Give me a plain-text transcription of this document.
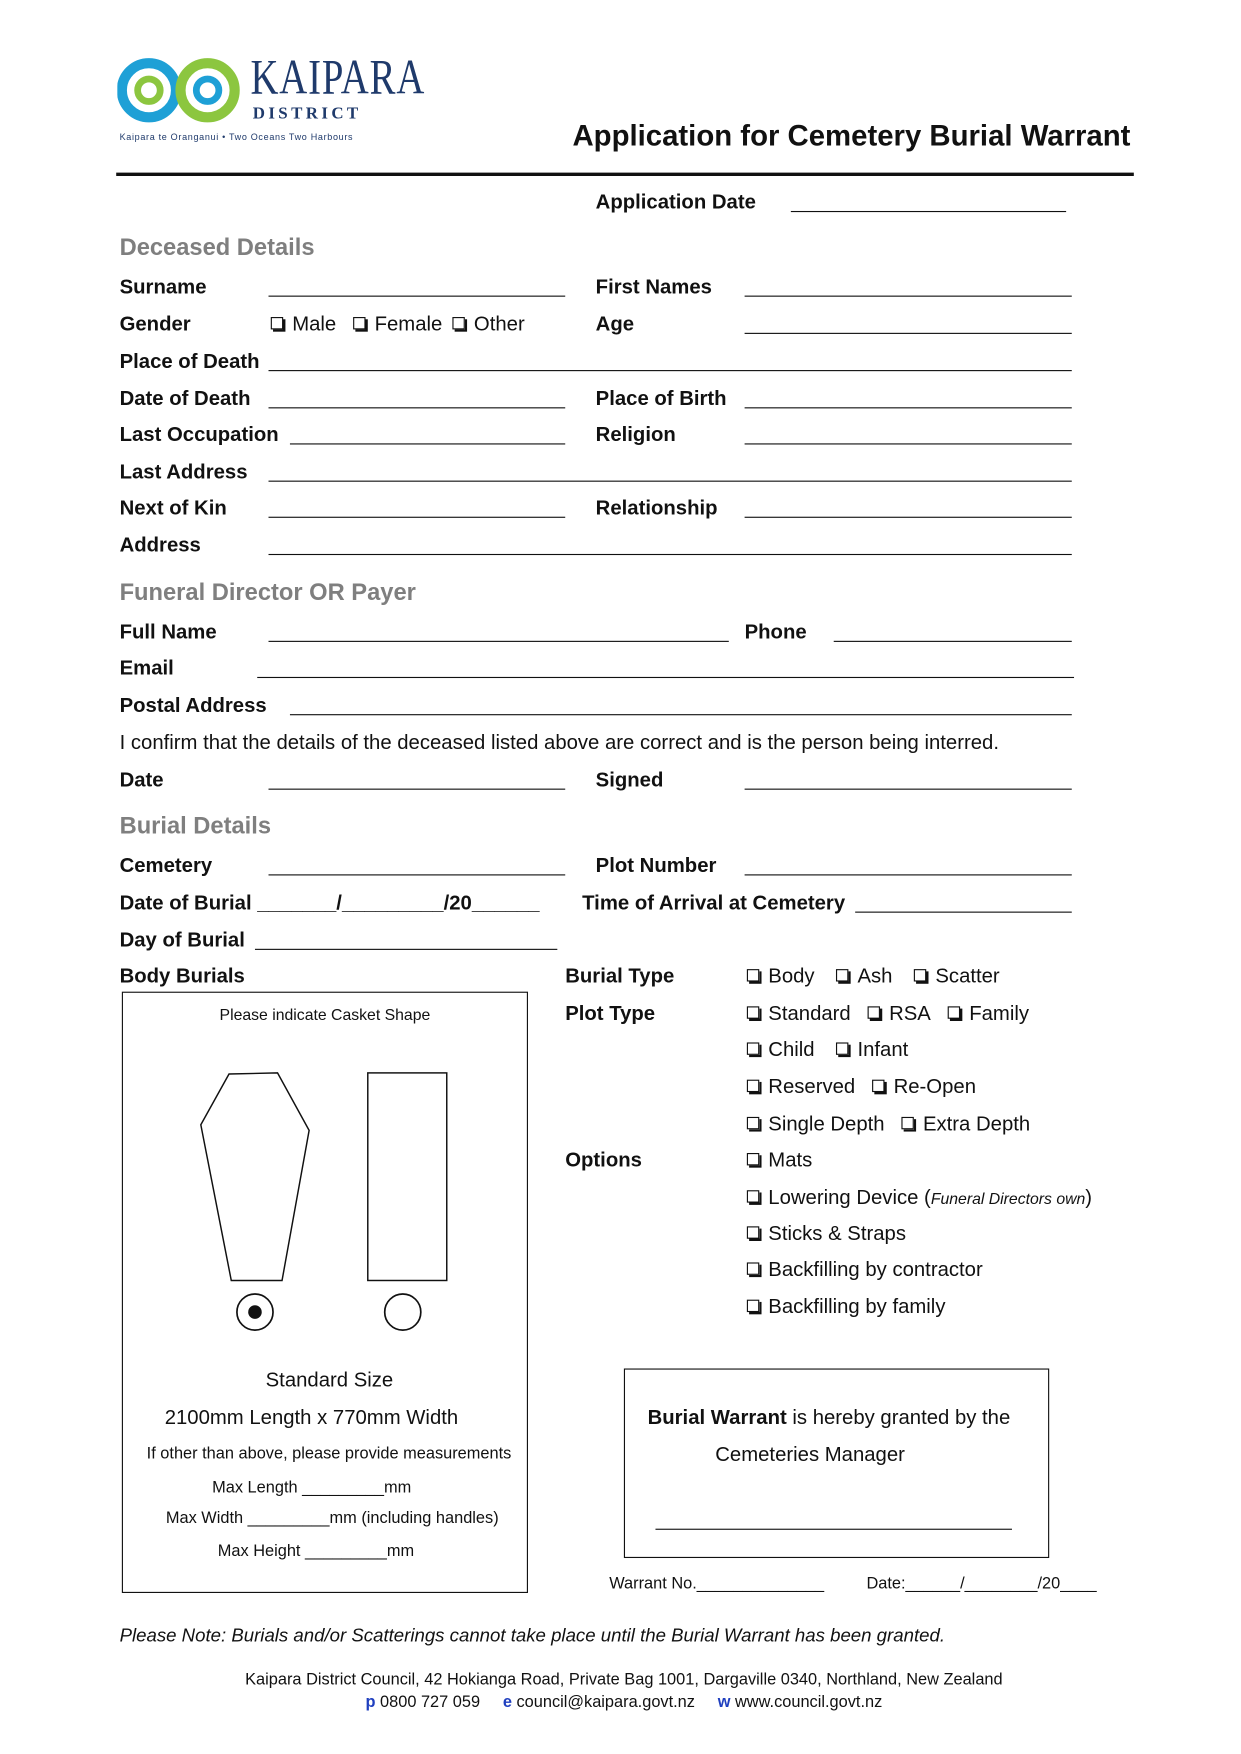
KAIPARA
DISTRICT
Kaipara te Oranganui • Two Oceans Two Harbours	Application for Cemetery Burial Warrant
Application Date
Deceased Details
Surname	First Names
Gender	Male Female Other	Age
Place of Death
Date of Death	Place of Birth
Last Occupation	Religion
Last Address
Next of Kin	Relationship
Address
Funeral Director OR Payer
Full Name	Phone
Email
Postal Address
I confirm that the details of the deceased listed above are correct and is the person being interred.
Date	Signed
Burial Details
Cemetery	Plot Number
Date of Burial _______/_________/20______ Time of Arrival at Cemetery
Day of Burial
Body Burials	Burial Type	Body Ash Scatter
Plot Type	Standard RSA Family
Child Infant
Reserved Re-Open
Single Depth Extra Depth
Options	Mats
Lowering Device (Funeral Directors own)
Sticks & Straps
Backfilling by contractor
Backfilling by family
Please indicate Casket Shape
Standard Size
2100mm Length x 770mm Width
If other than above, please provide measurements
Max Length _________mm
Max Width _________mm (including handles)
Max Height _________mm
Burial Warrant is hereby granted by the
Cemeteries Manager
Warrant No.______________	Date:______/________/20____
Please Note: Burials and/or Scatterings cannot take place until the Burial Warrant has been granted.
Kaipara District Council, 42 Hokianga Road, Private Bag 1001, Dargaville 0340, Northland, New Zealand
p 0800 727 059 e council@kaipara.govt.nz w www.council.govt.nz
